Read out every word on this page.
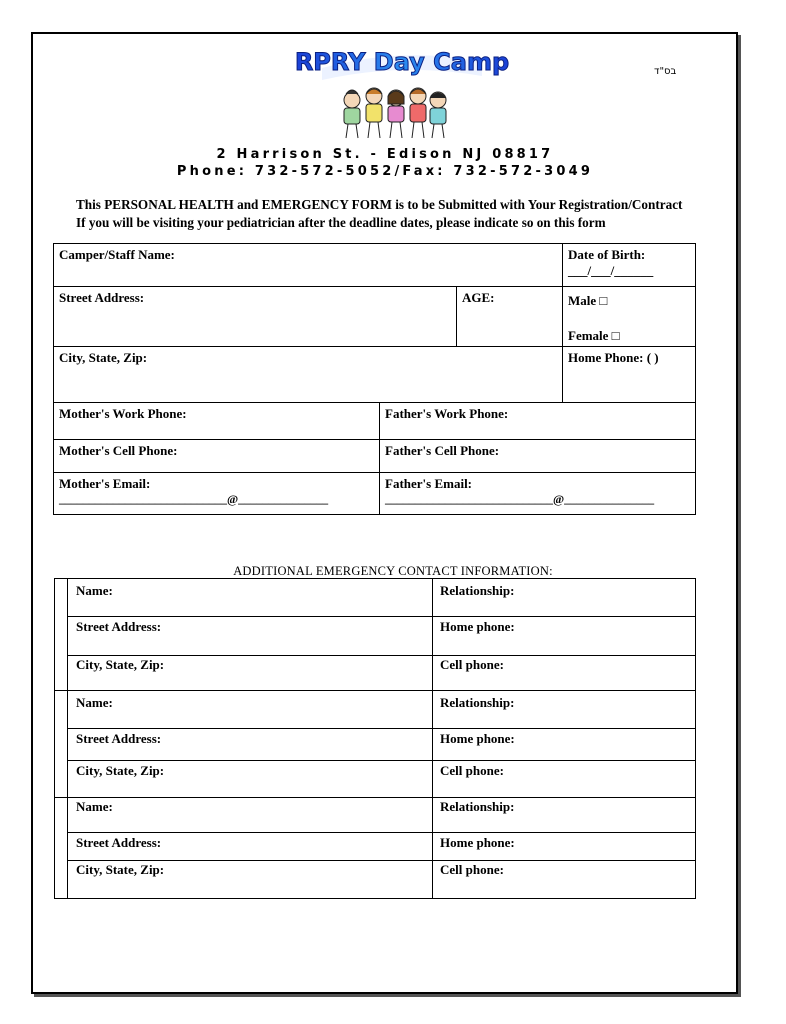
RPRY Day Camp	בס"ד
2 Harrison St. - Edison NJ 08817
Phone: 732-572-5052/Fax: 732-572-3049
This PERSONAL HEALTH and EMERGENCY FORM is to be Submitted with Your Registration/Contract
If you will be visiting your pediatrician after the deadline dates, please indicate so on this form
Camper/Staff Name:	Date of Birth:
___/___/______
Street Address:	AGE:	Male □
Female □
City, State, Zip:	Home Phone: ( )
Mother's Work Phone:	Father's Work Phone:
Mother's Cell Phone:	Father's Cell Phone:
Mother's Email:
____________________________@_______________
Father's Email:
____________________________@_______________
ADDITIONAL EMERGENCY CONTACT INFORMATION:
Name:	Relationship:
Street Address:	Home phone:
City, State, Zip:	Cell phone:
Name:	Relationship:
Street Address:	Home phone:
City, State, Zip:	Cell phone:
Name:	Relationship:
Street Address:	Home phone:
City, State, Zip:	Cell phone:
